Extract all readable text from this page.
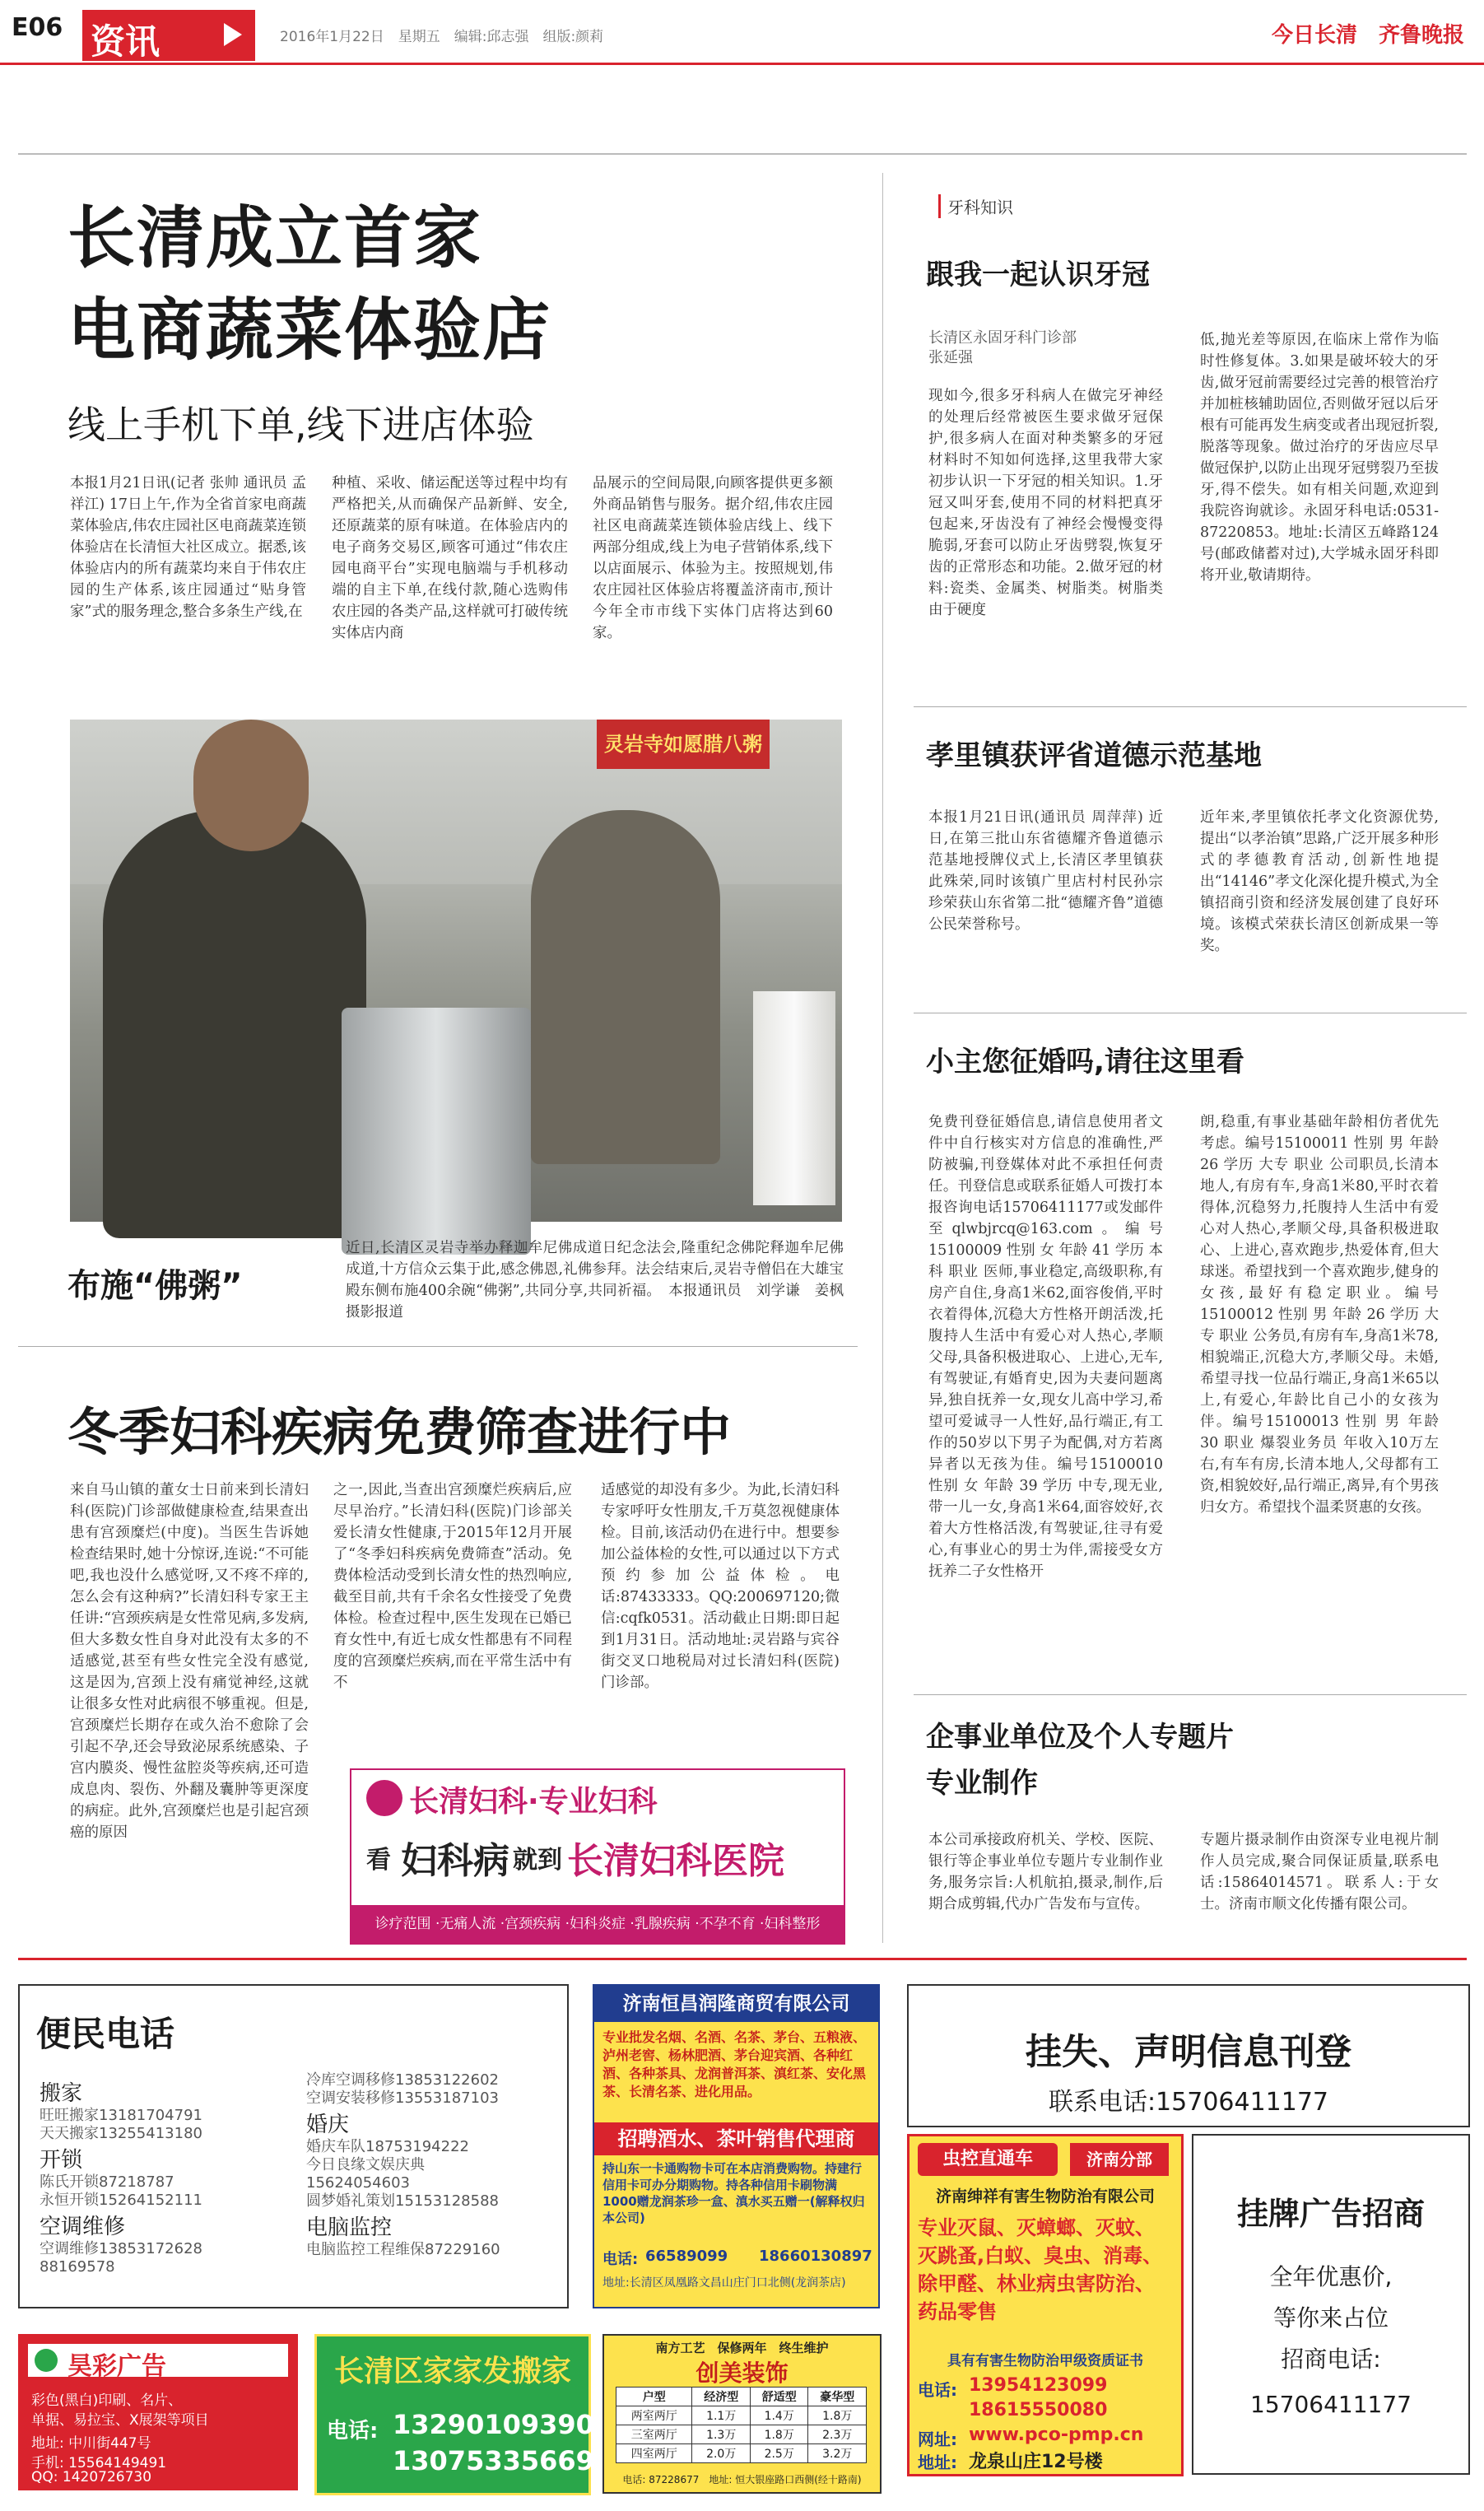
E06 资讯	2016年1月22日　星期五　编辑:邱志强　组版:颜莉	今日长清　齐鲁晚报
长清成立首家
电商蔬菜体验店
线上手机下单,线下进店体验
本报1月21日讯(记者 张帅 通讯员 孟祥江) 17日上午,作为全省首家电商蔬菜体验店,伟农庄园社区电商蔬菜连锁体验店在长清恒大社区成立。据悉,该体验店内的所有蔬菜均来自于伟农庄园的生产体系,该庄园通过“贴身管家”式的服务理念,整合多条生产线,在
种植、采收、储运配送等过程中均有严格把关,从而确保产品新鲜、安全,还原蔬菜的原有味道。在体验店内的电子商务交易区,顾客可通过“伟农庄园电商平台”实现电脑端与手机移动端的自主下单,在线付款,随心选购伟农庄园的各类产品,这样就可打破传统实体店内商
品展示的空间局限,向顾客提供更多额外商品销售与服务。据介绍,伟农庄园社区电商蔬菜连锁体验店线上、线下两部分组成,线上为电子营销体系,线下以店面展示、体验为主。按照规划,伟农庄园社区体验店将覆盖济南市,预计今年全市市线下实体门店将达到60家。
灵岩寺如愿腊八粥
布施“佛粥”
近日,长清区灵岩寺举办释迦牟尼佛成道日纪念法会,隆重纪念佛陀释迦牟尼佛成道,十方信众云集于此,感念佛恩,礼佛参拜。法会结束后,灵岩寺僧侣在大雄宝殿东侧布施400余碗“佛粥”,共同分享,共同祈福。　本报通讯员　刘学谦　姜枫　摄影报道
冬季妇科疾病免费筛查进行中
来自马山镇的董女士日前来到长清妇科(医院)门诊部做健康检查,结果查出患有宫颈糜烂(中度)。当医生告诉她检查结果时,她十分惊讶,连说:“不可能吧,我也没什么感觉呀,又不疼不痒的,怎么会有这种病?”长清妇科专家王主任讲:“宫颈疾病是女性常见病,多发病,但大多数女性自身对此没有太多的不适感觉,甚至有些女性完全没有感觉,这是因为,宫颈上没有痛觉神经,这就让很多女性对此病很不够重视。但是,宫颈糜烂长期存在或久治不愈除了会引起不孕,还会导致泌尿系统感染、子宫内膜炎、慢性盆腔炎等疾病,还可造成息肉、裂伤、外翻及囊肿等更深度的病症。此外,宫颈糜烂也是引起宫颈癌的原因
之一,因此,当查出宫颈糜烂疾病后,应尽早治疗。”长清妇科(医院)门诊部关爱长清女性健康,于2015年12月开展了“冬季妇科疾病免费筛查”活动。免费体检活动受到长清女性的热烈响应,截至目前,共有千余名女性接受了免费体检。检查过程中,医生发现在已婚已育女性中,有近七成女性都患有不同程度的宫颈糜烂疾病,而在平常生活中有不
适感觉的却没有多少。为此,长清妇科专家呼吁女性朋友,千万莫忽视健康体检。目前,该活动仍在进行中。想要参加公益体检的女性,可以通过以下方式预约参加公益体检。电话:87433333。QQ:200697120;微信:cqfk0531。活动截止日期:即日起到1月31日。活动地址:灵岩路与宾谷街交叉口地税局对过长清妇科(医院)门诊部。
长清妇科·专业妇科
看 妇科病 就到 长清妇科医院
诊疗范围 ·无痛人流 ·宫颈疾病 ·妇科炎症 ·乳腺疾病 ·不孕不育 ·妇科整形
牙科知识
跟我一起认识牙冠
长清区永固牙科门诊部
张延强
现如今,很多牙科病人在做完牙神经的处理后经常被医生要求做牙冠保护,很多病人在面对种类繁多的牙冠材料时不知如何选择,这里我带大家初步认识一下牙冠的相关知识。1.牙冠又叫牙套,使用不同的材料把真牙包起来,牙齿没有了神经会慢慢变得脆弱,牙套可以防止牙齿劈裂,恢复牙齿的正常形态和功能。2.做牙冠的材料:瓷类、金属类、树脂类。树脂类由于硬度
低,抛光差等原因,在临床上常作为临时性修复体。3.如果是破坏较大的牙齿,做牙冠前需要经过完善的根管治疗并加桩核辅助固位,否则做牙冠以后牙根有可能再发生病变或者出现冠折裂,脱落等现象。做过治疗的牙齿应尽早做冠保护,以防止出现牙冠劈裂乃至拔牙,得不偿失。如有相关问题,欢迎到我院咨询就诊。永固牙科电话:0531-87220853。地址:长清区五峰路124号(邮政储蓄对过),大学城永固牙科即将开业,敬请期待。
孝里镇获评省道德示范基地
本报1月21日讯(通讯员 周萍萍) 近日,在第三批山东省德耀齐鲁道德示范基地授牌仪式上,长清区孝里镇获此殊荣,同时该镇广里店村村民孙宗珍荣获山东省第二批“德耀齐鲁”道德公民荣誉称号。
近年来,孝里镇依托孝文化资源优势,提出“以孝治镇”思路,广泛开展多种形式的孝德教育活动,创新性地提出“14146”孝文化深化提升模式,为全镇招商引资和经济发展创建了良好环境。该模式荣获长清区创新成果一等奖。
小主您征婚吗,请往这里看
免费刊登征婚信息,请信息使用者文件中自行核实对方信息的准确性,严防被骗,刊登媒体对此不承担任何责任。刊登信息或联系征婚人可拨打本报咨询电话15706411177或发邮件至qlwbjrcq@163.com。编号15100009 性别 女 年龄 41 学历 本科 职业 医师,事业稳定,高级职称,有房产自住,身高1米62,面容俊俏,平时衣着得体,沉稳大方性格开朗活泼,托腹持人生活中有爱心对人热心,孝顺父母,具备积极进取心、上进心,无车,有驾驶证,有婚育史,因为夫妻问题离异,独自抚养一女,现女儿高中学习,希望可爱诚寻一人性好,品行端正,有工作的50岁以下男子为配偶,对方若离异者以无孩为佳。编号15100010 性别 女 年龄 39 学历 中专,现无业,带一儿一女,身高1米64,面容姣好,衣着大方性格活泼,有驾驶证,往寻有爱心,有事业心的男士为伴,需接受女方抚养二子女性格开
朗,稳重,有事业基础年龄相仿者优先考虑。编号15100011 性别 男 年龄 26 学历 大专 职业 公司职员,长清本地人,有房有车,身高1米80,平时衣着得体,沉稳努力,托腹持人生活中有爱心对人热心,孝顺父母,具备积极进取心、上进心,喜欢跑步,热爱体育,但大球迷。希望找到一个喜欢跑步,健身的女孩,最好有稳定职业。编号15100012 性别 男 年龄 26 学历 大专 职业 公务员,有房有车,身高1米78,相貌端正,沉稳大方,孝顺父母。未婚,希望寻找一位品行端正,身高1米65以上,有爱心,年龄比自己小的女孩为伴。编号15100013 性别 男 年龄 30 职业 爆裂业务员 年收入10万左右,有车有房,长清本地人,父母都有工资,相貌姣好,品行端正,离异,有个男孩归女方。希望找个温柔贤惠的女孩。
企事业单位及个人专题片
专业制作
本公司承接政府机关、学校、医院、银行等企事业单位专题片专业制作业务,服务宗旨:人机航拍,摄录,制作,后期合成剪辑,代办广告发布与宣传。
专题片摄录制作由资深专业电视片制作人员完成,聚合同保证质量,联系电话:15864014571。联系人:于女士。济南市顺文化传播有限公司。
便民电话
搬家
旺旺搬家13181704791
天天搬家13255413180
开锁
陈氏开锁87218787
永恒开锁15264152111
空调维修
空调维修13853172628
88169578
冷库空调移修13853122602
空调安装移修13553187103
婚庆
婚庆车队18753194222
今日良缘文娱庆典
15624054603
圆梦婚礼策划15153128588
电脑监控
电脑监控工程维保87229160
济南恒昌润隆商贸有限公司
专业批发名烟、名酒、名茶、茅台、五粮液、泸州老窖、杨林肥酒、茅台迎宾酒、各种红酒、各种茶具、龙润普洱茶、滇红茶、安化黑茶、长清名茶、进化用品。
招聘酒水、茶叶销售代理商
持山东一卡通购物卡可在本店消费购物。持建行信用卡可办分期购物。持各种信用卡刷物满1000赠龙润茶珍一盒、滇水买五赠一(解释权归本公司)
电话: 66589099 18660130897
地址:长清区凤凰路文昌山庄门口北侧(龙润茶店)
挂失、声明信息刊登
联系电话:15706411177
虫控直通车	济南分部
济南绅祥有害生物防治有限公司
专业灭鼠、灭蟑螂、灭蚊、灭跳蚤,白蚁、臭虫、消毒、除甲醛、林业病虫害防治、药品零售
具有有害生物防治甲级资质证书
电话: 13954123099
18615550080
网址: www.pco-pmp.cn
地址: 龙泉山庄12号楼
挂牌广告招商
全年优惠价,
等你来占位
招商电话:
15706411177
昊彩广告
彩色(黑白)印刷、名片、
单据、易拉宝、X展架等项目
地址: 中川街447号
手机: 15564149491
QQ: 1420726730
长清区家家发搬家
电话: 13290109390
13075335669
南方工艺　保修两年　终生维护
创美装饰
户型	经济型	舒适型	豪华型
两室两厅	1.1万	1.4万	1.8万
三室两厅	1.3万	1.8万	2.3万
四室两厅	2.0万	2.5万	3.2万
电话: 87228677　地址: 恒大银座路口西侧(经十路南)
